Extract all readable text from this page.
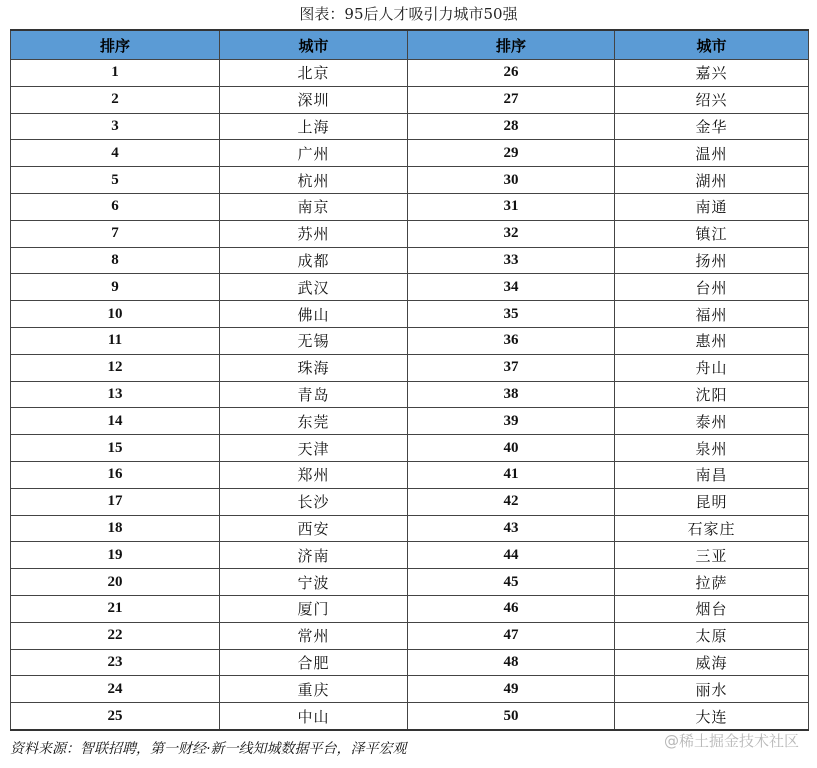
图表：95后人才吸引力城市50强
排序	城市	排序	城市
1	北京	26	嘉兴
2	深圳	27	绍兴
3	上海	28	金华
4	广州	29	温州
5	杭州	30	湖州
6	南京	31	南通
7	苏州	32	镇江
8	成都	33	扬州
9	武汉	34	台州
10	佛山	35	福州
11	无锡	36	惠州
12	珠海	37	舟山
13	青岛	38	沈阳
14	东莞	39	泰州
15	天津	40	泉州
16	郑州	41	南昌
17	长沙	42	昆明
18	西安	43	石家庄
19	济南	44	三亚
20	宁波	45	拉萨
21	厦门	46	烟台
22	常州	47	太原
23	合肥	48	威海
24	重庆	49	丽水
25	中山	50	大连
资料来源：智联招聘，第一财经·新一线知城数据平台，泽平宏观	@稀土掘金技术社区
